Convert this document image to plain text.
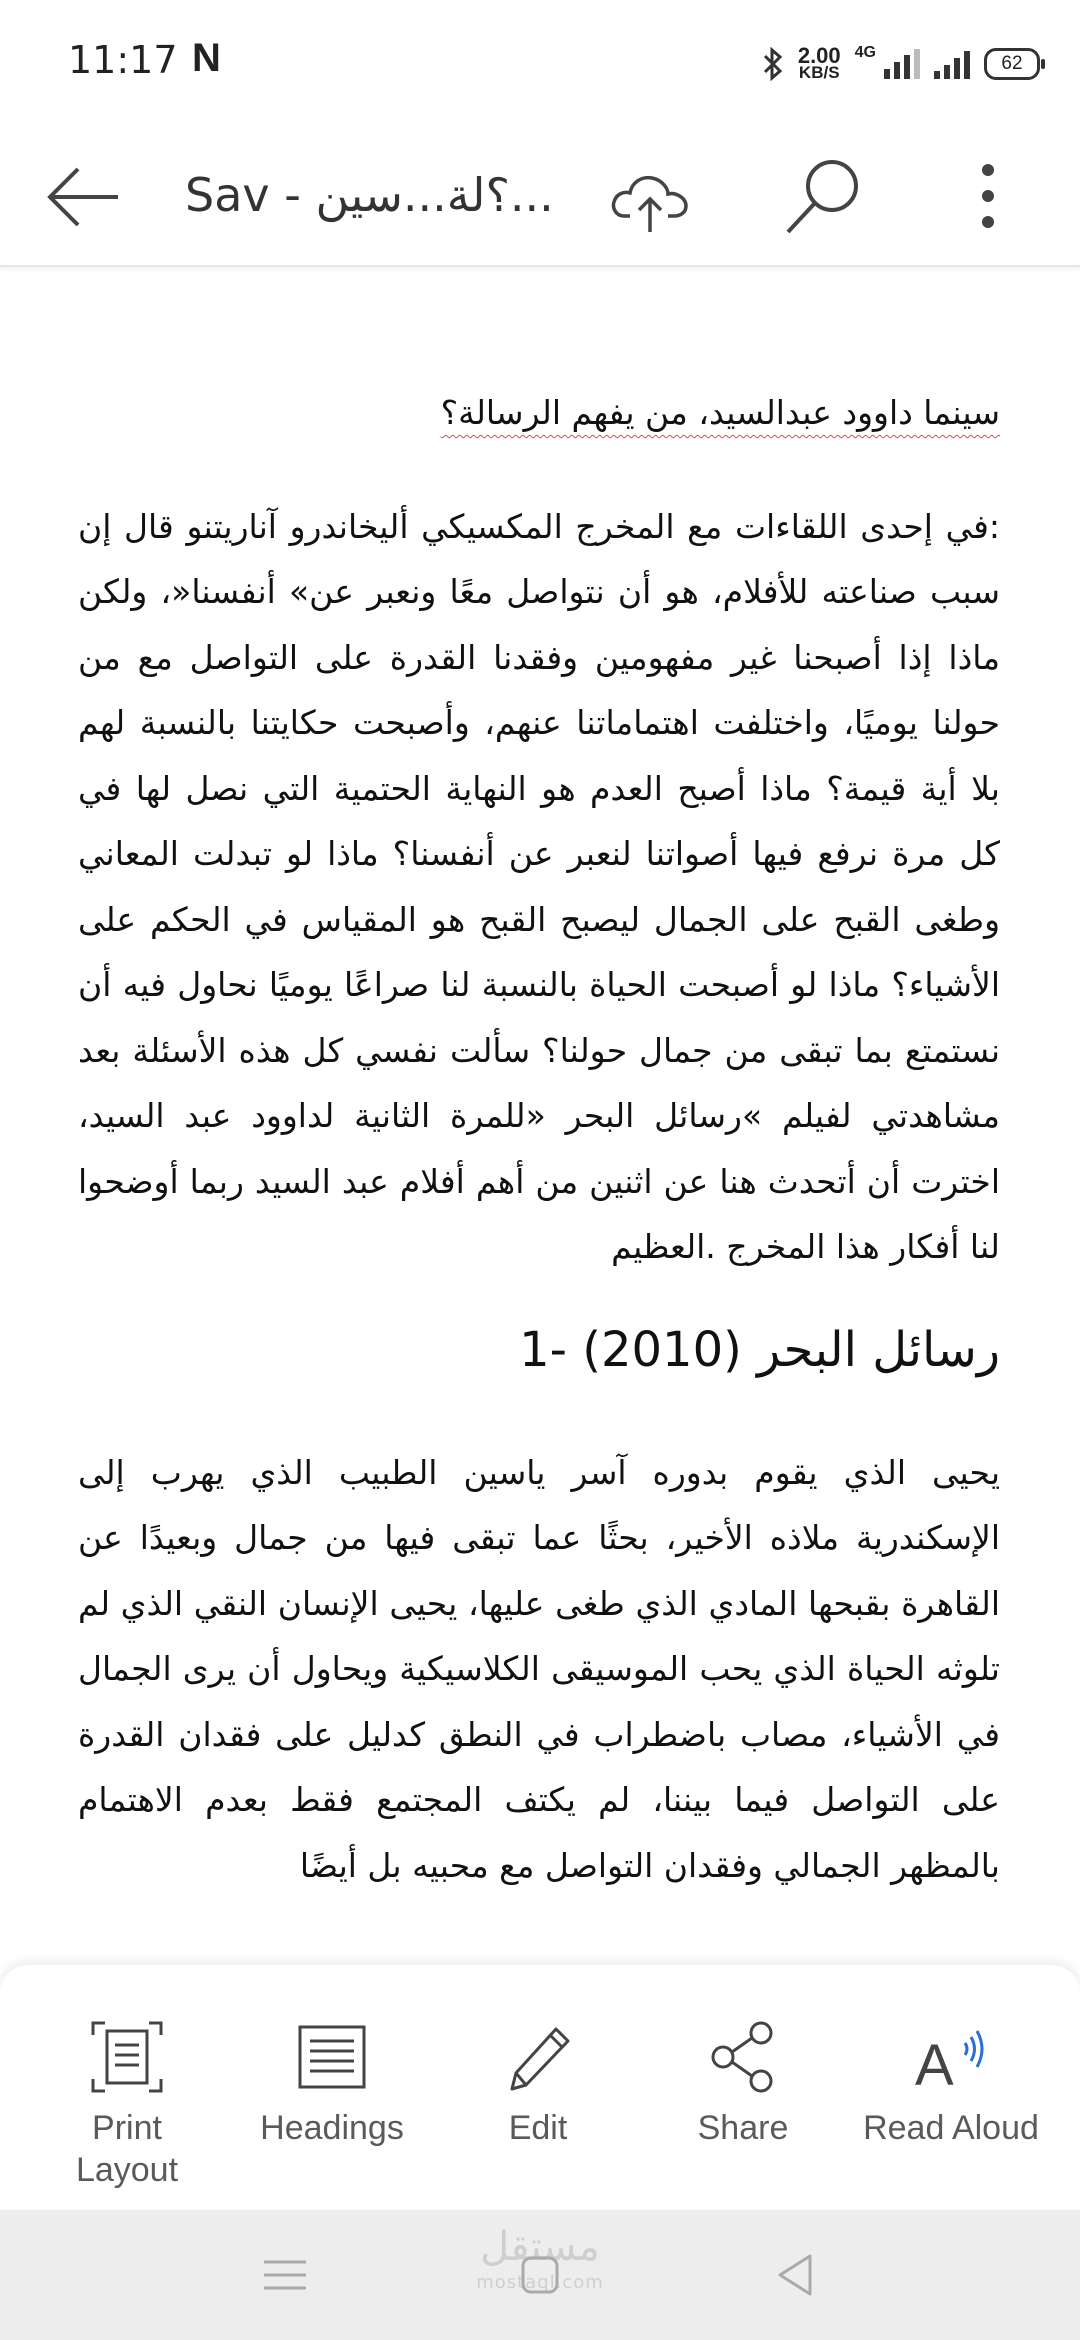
11:17 N	2.00
KB/S
4G
62
Sav - ؟لة...سين...

سينما داوود عبدالسيد، من يفهم الرسالة؟

:في إحدى اللقاءات مع المخرج المكسيكي أليخاندرو آناريتنو قال إن سبب صناعته للأفلام، هو أن نتواصل معًا ونعبر عن» أنفسنا«، ولكن ماذا إذا أصبحنا غير مفهومين وفقدنا القدرة على التواصل مع من حولنا يوميًا، واختلفت اهتماماتنا عنهم، وأصبحت حكايتنا بالنسبة لهم بلا أية قيمة؟ ماذا أصبح العدم هو النهاية الحتمية التي نصل لها في كل مرة نرفع فيها أصواتنا لنعبر عن أنفسنا؟ ماذا لو تبدلت المعاني وطغى القبح على الجمال ليصبح القبح هو المقياس في الحكم على الأشياء؟ ماذا لو أصبحت الحياة بالنسبة لنا صراعًا يوميًا نحاول فيه أن نستمتع بما تبقى من جمال حولنا؟ سألت نفسي كل هذه الأسئلة بعد مشاهدتي لفيلم »رسائل البحر «للمرة الثانية لداوود عبد السيد، اخترت أن أتحدث هنا عن اثنين من أهم أفلام عبد السيد ربما أوضحوا لنا أفكار هذا المخرج .العظيم

رسائل البحر (2010) -1

يحيى الذي يقوم بدوره آسر ياسين الطبيب الذي يهرب إلى الإسكندرية ملاذه الأخير، بحثًا عما تبقى فيها من جمال وبعيدًا عن القاهرة بقبحها المادي الذي طغى عليها، يحيى الإنسان النقي الذي لم تلوثه الحياة الذي يحب الموسيقى الكلاسيكية ويحاول أن يرى الجمال في الأشياء، مصاب باضطراب في النطق كدليل على فقدان القدرة على التواصل فيما بيننا، لم يكتف المجتمع فقط بعدم الاهتمام بالمظهر الجمالي وفقدان التواصل مع محبيه بل أيضًا

Print
Layout
Headings	Edit	Share
A
Read Aloud
مستقل
mostaql.com
